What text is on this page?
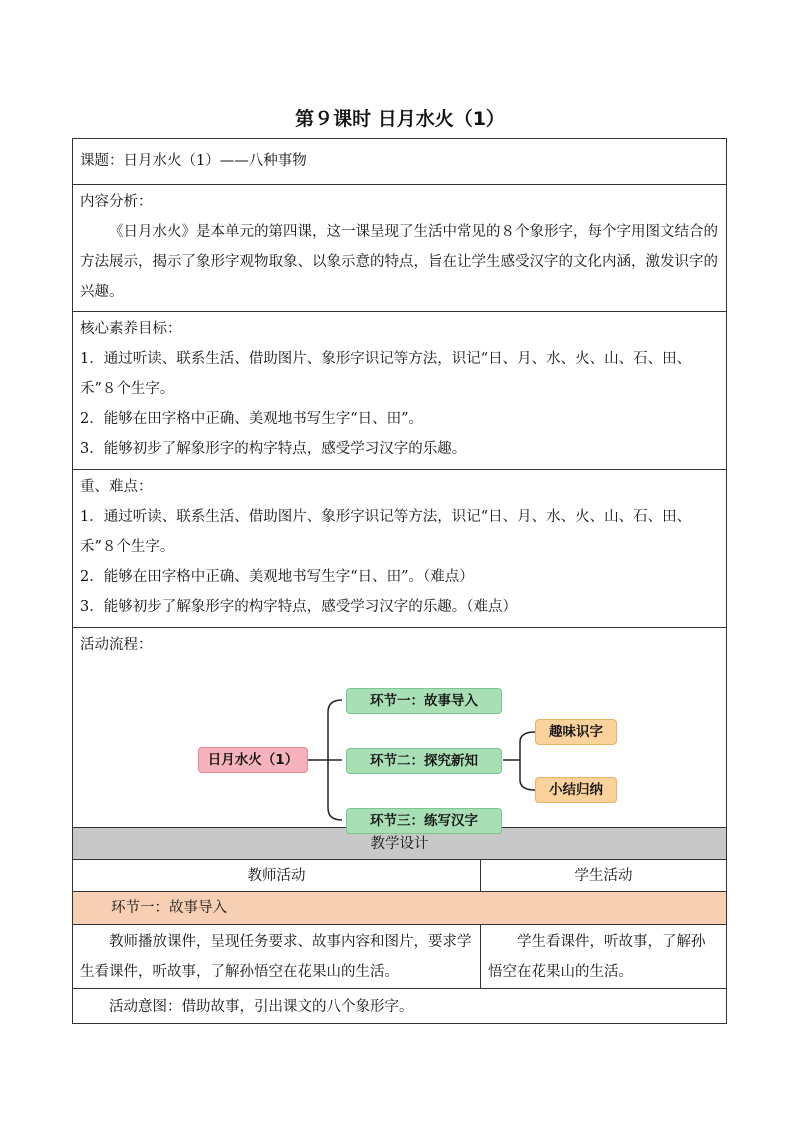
第９课时 日月水火（1）
课题：日月水火（1）——八种事物
内容分析：
《日月水火》是本单元的第四课，这一课呈现了生活中常见的８个象形字，每个字用图文结合的方法展示，揭示了象形字观物取象、以象示意的特点，旨在让学生感受汉字的文化内涵，激发识字的兴趣。
核心素养目标：
1．通过听读、联系生活、借助图片、象形字识记等方法，识记“日、月、水、火、山、石、田、禾”８个生字。
2．能够在田字格中正确、美观地书写生字“日、田”。
3．能够初步了解象形字的构字特点，感受学习汉字的乐趣。
重、难点：
1．通过听读、联系生活、借助图片、象形字识记等方法，识记“日、月、水、火、山、石、田、禾”８个生字。
2．能够在田字格中正确、美观地书写生字“日、田”。（难点）
3．能够初步了解象形字的构字特点，感受学习汉字的乐趣。（难点）
活动流程：
日月水火（1）
环节一：故事导入
环节二：探究新知
环节三：练写汉字
趣味识字
小结归纳
教学设计
教师活动	学生活动
环节一：故事导入
教师播放课件，呈现任务要求、故事内容和图片，要求学生看课件，听故事，了解孙悟空在花果山的生活。
学生看课件，听故事，了解孙悟空在花果山的生活。
活动意图：借助故事，引出课文的八个象形字。
